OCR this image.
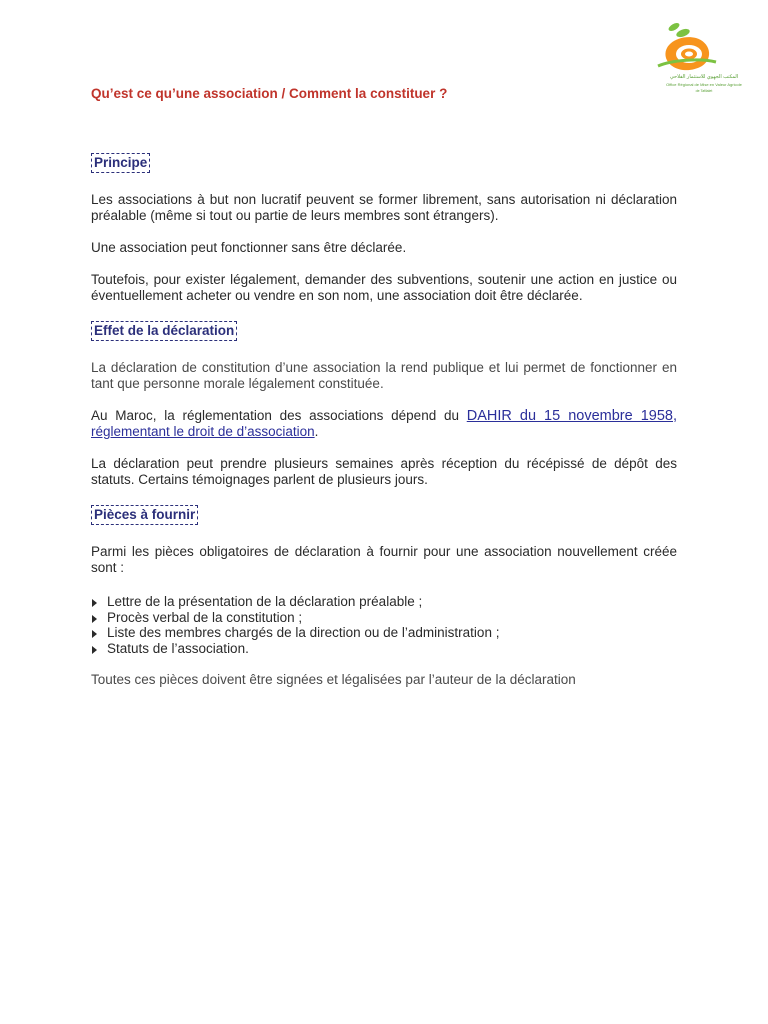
المكتب الجهوي للاستثمار الفلاحي
Office Régional de Mise en Valeur Agricole
de Tafilalet
Qu’est ce qu’une association / Comment la constituer ?
Principe

Les associations à but non lucratif peuvent se former librement, sans autorisation ni déclaration préalable (même si tout ou partie de leurs membres sont étrangers).

Une association peut fonctionner sans être déclarée.

Toutefois, pour exister légalement, demander des subventions, soutenir une action en justice ou éventuellement acheter ou vendre en son nom, une association doit être déclarée.

Effet de la déclaration

La déclaration de constitution d’une association la rend publique et lui permet de fonctionner en tant que personne morale légalement constituée.

Au Maroc, la réglementation des associations dépend du DAHIR du 15 novembre 1958, réglementant le droit de d’association.

La déclaration peut prendre plusieurs semaines après réception du récépissé de dépôt des statuts. Certains témoignages parlent de plusieurs jours.

Pièces à fournir

Parmi les pièces obligatoires de déclaration à fournir pour une association nouvellement créée sont :

Lettre de la présentation de la déclaration préalable ;
Procès verbal de la constitution ;
Liste des membres chargés de la direction ou de l’administration ;
Statuts de l’association.

Toutes ces pièces doivent être signées et légalisées par l’auteur de la déclaration
